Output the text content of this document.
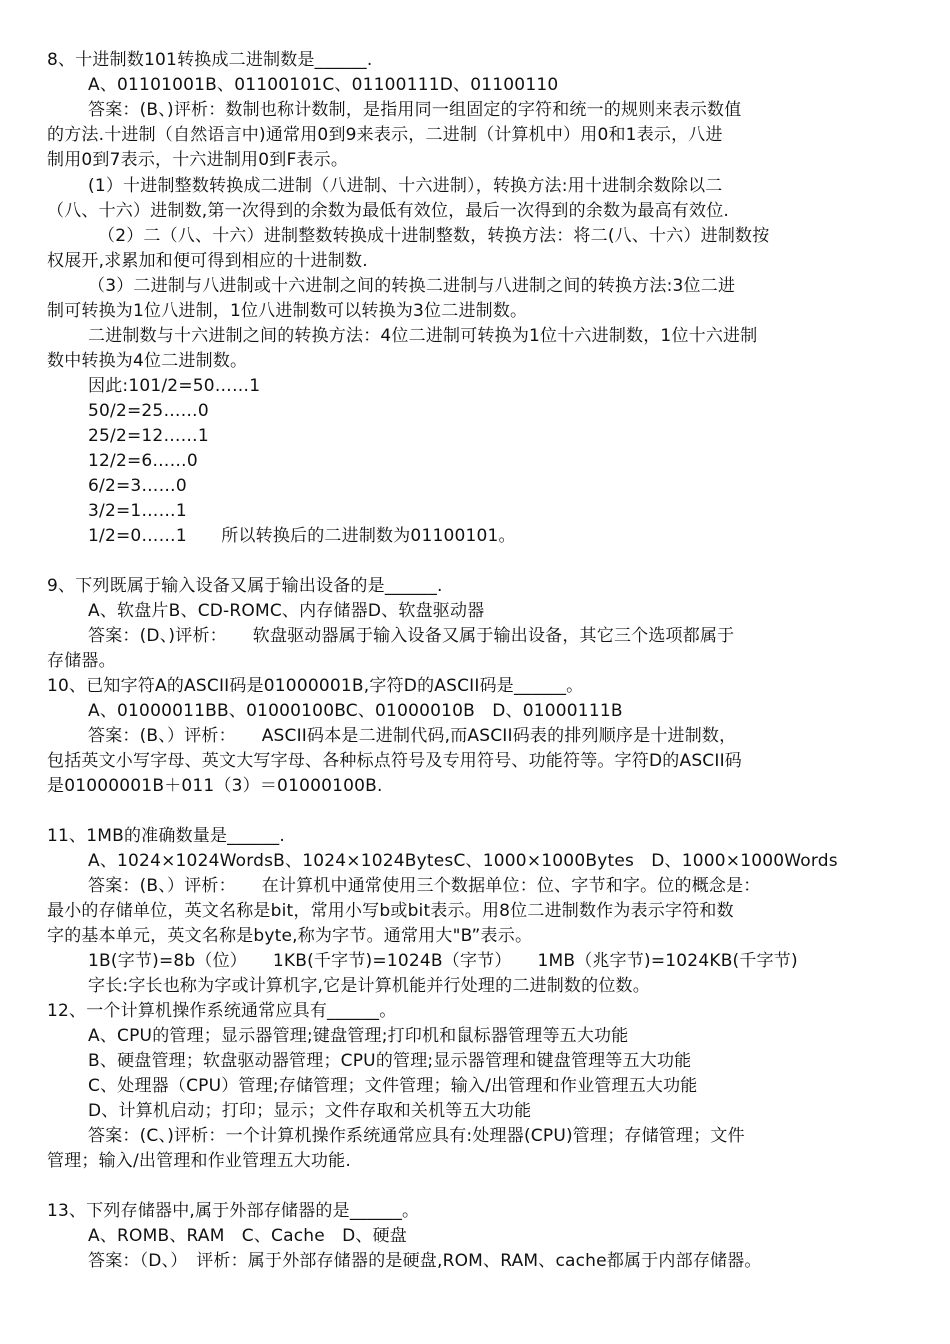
8、十进制数101转换成二进制数是______.
A、01101001B、01100101C、01100111D、01100110
答案：(B、)评析：数制也称计数制，是指用同一组固定的字符和统一的规则来表示数值
的方法.十进制（自然语言中)通常用0到9来表示，二进制（计算机中）用0和1表示，八进
制用0到7表示，十六进制用0到F表示。
(1）十进制整数转换成二进制（八进制、十六进制），转换方法:用十进制余数除以二
（八、十六）进制数,第一次得到的余数为最低有效位，最后一次得到的余数为最高有效位.
（2）二（八、十六）进制整数转换成十进制整数，转换方法：将二(八、十六）进制数按
权展开,求累加和便可得到相应的十进制数.
（3）二进制与八进制或十六进制之间的转换二进制与八进制之间的转换方法:3位二进
制可转换为1位八进制，1位八进制数可以转换为3位二进制数。
二进制数与十六进制之间的转换方法：4位二进制可转换为1位十六进制数，1位十六进制
数中转换为4位二进制数。
因此:101/2=50……1
50/2=25……0
25/2=12……1
12/2=6……0
6/2=3……0
3/2=1……1
1/2=0……1　　所以转换后的二进制数为01100101。
9、下列既属于输入设备又属于输出设备的是______.
A、软盘片B、CD-ROMC、内存储器D、软盘驱动器
答案：(D、)评析：　　软盘驱动器属于输入设备又属于输出设备，其它三个选项都属于
存储器。
10、已知字符A的ASCII码是01000001B,字符D的ASCII码是______。
A、01000011BB、01000100BC、01000010B　D、01000111B
答案：(B、）评析：　　ASCII码本是二进制代码,而ASCII码表的排列顺序是十进制数，
包括英文小写字母、英文大写字母、各种标点符号及专用符号、功能符等。字符D的ASCII码
是01000001B＋011（3）＝01000100B.
11、1MB的准确数量是______.
A、1024×1024WordsB、1024×1024BytesC、1000×1000Bytes　D、1000×1000Words
答案：(B、）评析：　　在计算机中通常使用三个数据单位：位、字节和字。位的概念是：
最小的存储单位，英文名称是bit，常用小写b或bit表示。用8位二进制数作为表示字符和数
字的基本单元，英文名称是byte,称为字节。通常用大"B”表示。
1B(字节)=8b（位）　　1KB(千字节)=1024B（字节）　　1MB（兆字节)=1024KB(千字节)
字长:字长也称为字或计算机字,它是计算机能并行处理的二进制数的位数。
12、一个计算机操作系统通常应具有______。
A、CPU的管理；显示器管理;键盘管理;打印机和鼠标器管理等五大功能
B、硬盘管理；软盘驱动器管理；CPU的管理;显示器管理和键盘管理等五大功能
C、处理器（CPU）管理;存储管理；文件管理；输入/出管理和作业管理五大功能
D、计算机启动；打印；显示；文件存取和关机等五大功能
答案：(C、)评析：一个计算机操作系统通常应具有:处理器(CPU)管理；存储管理；文件
管理；输入/出管理和作业管理五大功能.
13、下列存储器中,属于外部存储器的是______。
A、ROMB、RAM　C、Cache　D、硬盘
答案：（D、）　评析：属于外部存储器的是硬盘,ROM、RAM、cache都属于内部存储器。
